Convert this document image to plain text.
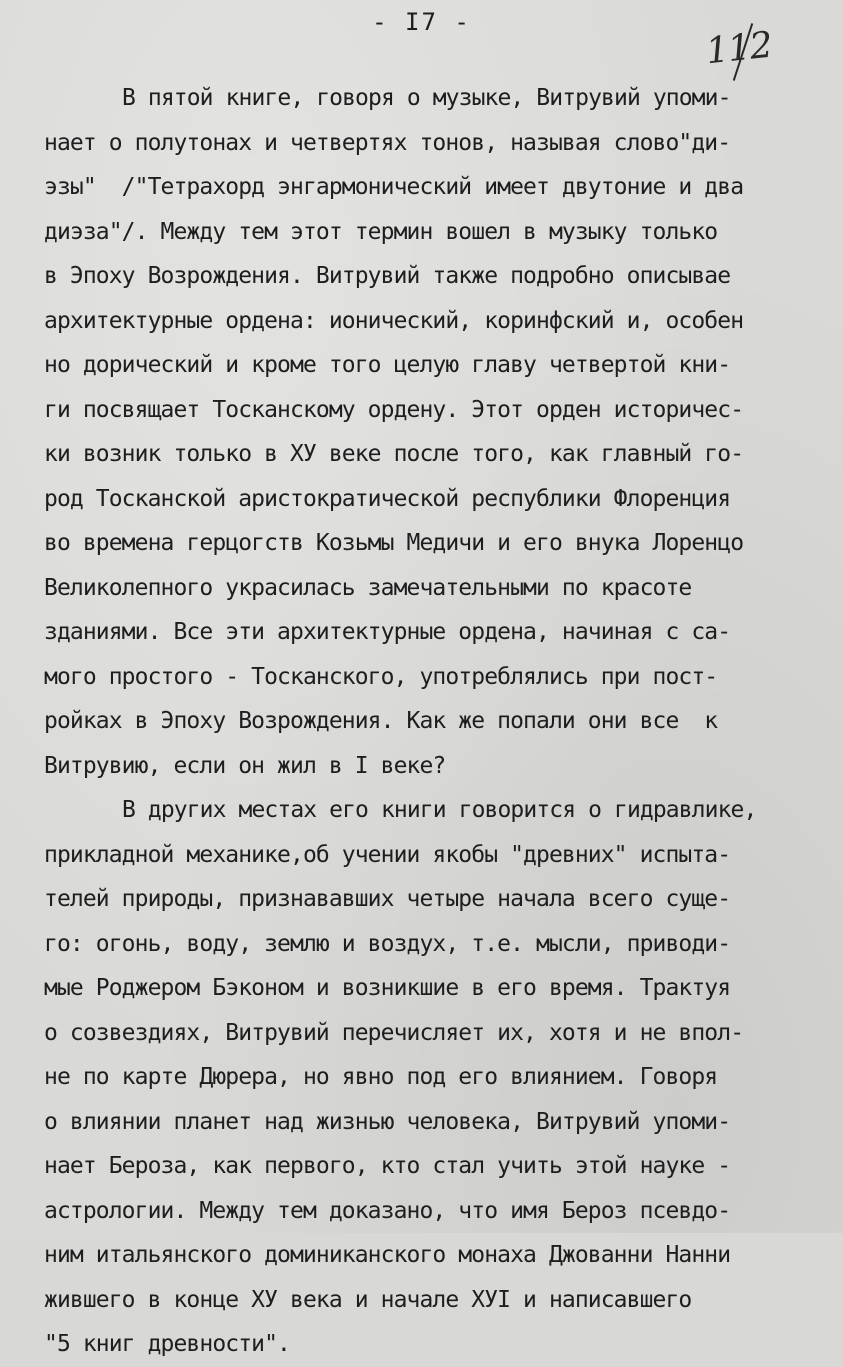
- I7 -
112
В пятой книге, говоря о музыке, Витрувий упоми-
нает о полутонах и четвертях тонов, называя слово"ди-
эзы"  /"Тетрахорд энгармонический имеет двутоние и два
диэза"/. Между тем этот термин вошел в музыку только
в Эпоху Возрождения. Витрувий также подробно описывае
архитектурные ордена: ионический, коринфский и, особен
но дорический и кроме того целую главу четвертой кни-
ги посвящает Тосканскому ордену. Этот орден историчес-
ки возник только в ХУ веке после того, как главный го-
род Тосканской аристократической республики Флоренция
во времена герцогств Козьмы Медичи и его внука Лоренцо
Великолепного украсилась замечательными по красоте
зданиями. Все эти архитектурные ордена, начиная с са-
мого простого - Тосканского, употреблялись при пост-
ройках в Эпоху Возрождения. Как же попали они все  к
Витрувию, если он жил в I веке?
В других местах его книги говорится о гидравлике,
прикладной механике,об учении якобы "древних" испыта-
телей природы, признававших четыре начала всего суще-
го: огонь, воду, землю и воздух, т.е. мысли, приводи-
мые Роджером Бэконом и возникшие в его время. Трактуя
о созвездиях, Витрувий перечисляет их, хотя и не впол-
не по карте Дюрера, но явно под его влиянием. Говоря
о влиянии планет над жизнью человека, Витрувий упоми-
нает Бероза, как первого, кто стал учить этой науке -
астрологии. Между тем доказано, что имя Бероз псевдо-
ним итальянского доминиканского монаха Джованни Нанни
жившего в конце ХУ века и начале ХУI и написавшего
"5 книг древности".
